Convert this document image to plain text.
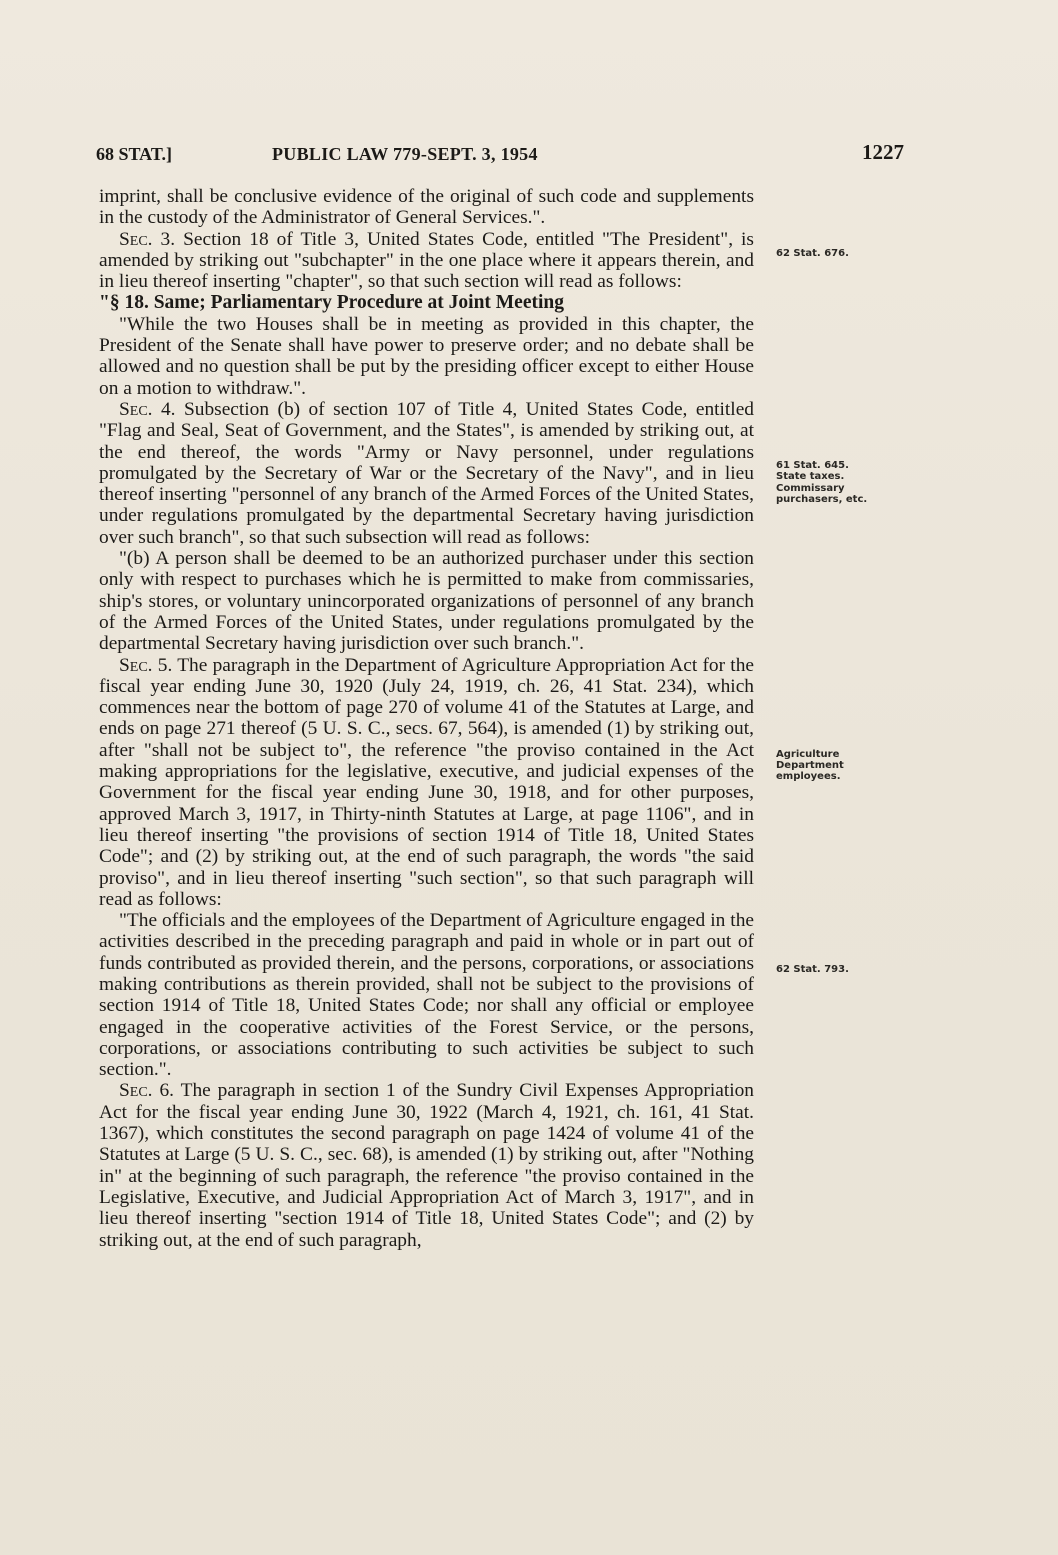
68 STAT.]	PUBLIC LAW 779-SEPT. 3, 1954	1227

imprint, shall be conclusive evidence of the original of such code and supplements in the custody of the Administrator of General Services.".

Sec. 3. Section 18 of Title 3, United States Code, entitled "The President", is amended by striking out "subchapter" in the one place where it appears therein, and in lieu thereof inserting "chapter", so that such section will read as follows:

"§ 18. Same; Parliamentary Procedure at Joint Meeting

"While the two Houses shall be in meeting as provided in this chapter, the President of the Senate shall have power to preserve order; and no debate shall be allowed and no question shall be put by the presiding officer except to either House on a motion to withdraw.".

Sec. 4. Subsection (b) of section 107 of Title 4, United States Code, entitled "Flag and Seal, Seat of Government, and the States", is amended by striking out, at the end thereof, the words "Army or Navy personnel, under regulations promulgated by the Secretary of War or the Secretary of the Navy", and in lieu thereof inserting "personnel of any branch of the Armed Forces of the United States, under regulations promulgated by the departmental Secretary having jurisdiction over such branch", so that such subsection will read as follows:

"(b) A person shall be deemed to be an authorized purchaser under this section only with respect to purchases which he is permitted to make from commissaries, ship's stores, or voluntary unincorporated organizations of personnel of any branch of the Armed Forces of the United States, under regulations promulgated by the departmental Secretary having jurisdiction over such branch.".

Sec. 5. The paragraph in the Department of Agriculture Appropriation Act for the fiscal year ending June 30, 1920 (July 24, 1919, ch. 26, 41 Stat. 234), which commences near the bottom of page 270 of volume 41 of the Statutes at Large, and ends on page 271 thereof (5 U. S. C., secs. 67, 564), is amended (1) by striking out, after "shall not be subject to", the reference "the proviso contained in the Act making appropriations for the legislative, executive, and judicial expenses of the Government for the fiscal year ending June 30, 1918, and for other purposes, approved March 3, 1917, in Thirty-ninth Statutes at Large, at page 1106", and in lieu thereof inserting "the provisions of section 1914 of Title 18, United States Code"; and (2) by striking out, at the end of such paragraph, the words "the said proviso", and in lieu thereof inserting "such section", so that such paragraph will read as follows:

"The officials and the employees of the Department of Agriculture engaged in the activities described in the preceding paragraph and paid in whole or in part out of funds contributed as provided therein, and the persons, corporations, or associations making contributions as therein provided, shall not be subject to the provisions of section 1914 of Title 18, United States Code; nor shall any official or employee engaged in the cooperative activities of the Forest Service, or the persons, corporations, or associations contributing to such activities be subject to such section.".

Sec. 6. The paragraph in section 1 of the Sundry Civil Expenses Appropriation Act for the fiscal year ending June 30, 1922 (March 4, 1921, ch. 161, 41 Stat. 1367), which constitutes the second paragraph on page 1424 of volume 41 of the Statutes at Large (5 U. S. C., sec. 68), is amended (1) by striking out, after "Nothing in" at the beginning of such paragraph, the reference "the proviso contained in the Legislative, Executive, and Judicial Appropriation Act of March 3, 1917", and in lieu thereof inserting "section 1914 of Title 18, United States Code"; and (2) by striking out, at the end of such paragraph,

62 Stat. 676.
61 Stat. 645.
State taxes.
Commissary purchasers, etc.
Agriculture Department employees.
62 Stat. 793.
